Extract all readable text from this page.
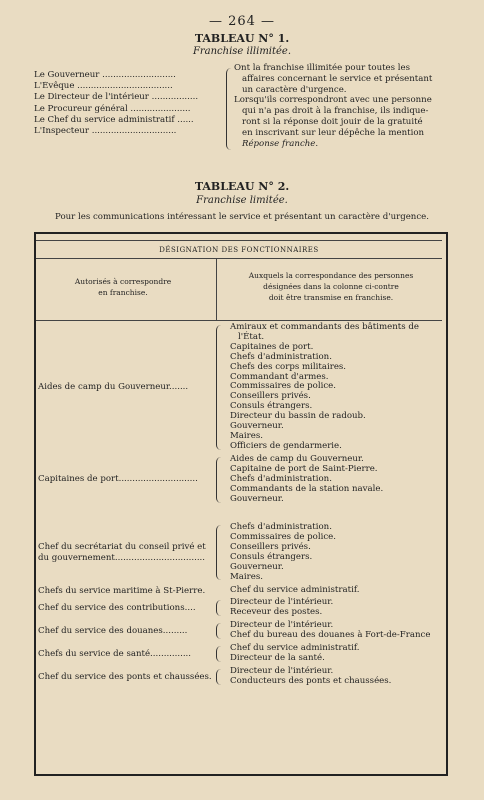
— 264 —
TABLEAU N° 1.
Franchise illimitée.
Le Gouverneur ...........................
L'Évêque ...................................
Le Directeur de l'intérieur .................
Le Procureur général ......................
Le Chef du service administratif ......
L'Inspecteur ...............................
Ont la franchise illimitée pour toutes les
affaires concernant le service et présentant
un caractère d'urgence.
Lorsqu'ils correspondront avec une personne
qui n'a pas droit à la franchise, ils indique-
ront si la réponse doit jouir de la gratuité
en inscrivant sur leur dépêche la mention
Réponse franche.
TABLEAU N° 2.
Franchise limitée.
Pour les communications intéressant le service et présentant un caractère d'urgence.
DÉSIGNATION DES FONCTIONNAIRES
Autorisés à correspondre
en franchise.
Auxquels la correspondance des personnes
désignées dans la colonne ci-contre
doit être transmise en franchise.
Amiraux et commandants des bâtiments de
l'État.
Capitaines de port.
Chefs d'administration.
Chefs des corps militaires.
Commandant d'armes.
Commissaires de police.
Conseillers privés.
Consuls étrangers.
Directeur du bassin de radoub.
Gouverneur.
Maires.
Officiers de gendarmerie.
Aides de camp du Gouverneur.......
Aides de camp du Gouverneur.
Capitaine de port de Saint-Pierre.
Chefs d'administration.
Commandants de la station navale.
Gouverneur.
Capitaines de port.............................
Chefs d'administration.
Commissaires de police.
Conseillers privés.
Consuls étrangers.
Gouverneur.
Maires.
Chef du secrétariat du conseil privé et
du gouvernement.................................
Chef du service administratif.
Chefs du service maritime à St-Pierre.
Directeur de l'intérieur.
Receveur des postes.
Chef du service des contributions....
Directeur de l'intérieur.
Chef du bureau des douanes à Fort-de-France
Chef du service des douanes.........
Chef du service administratif.
Directeur de la santé.
Chefs du service de santé...............
Directeur de l'intérieur.
Conducteurs des ponts et chaussées.
Chef du service des ponts et chaussées.
